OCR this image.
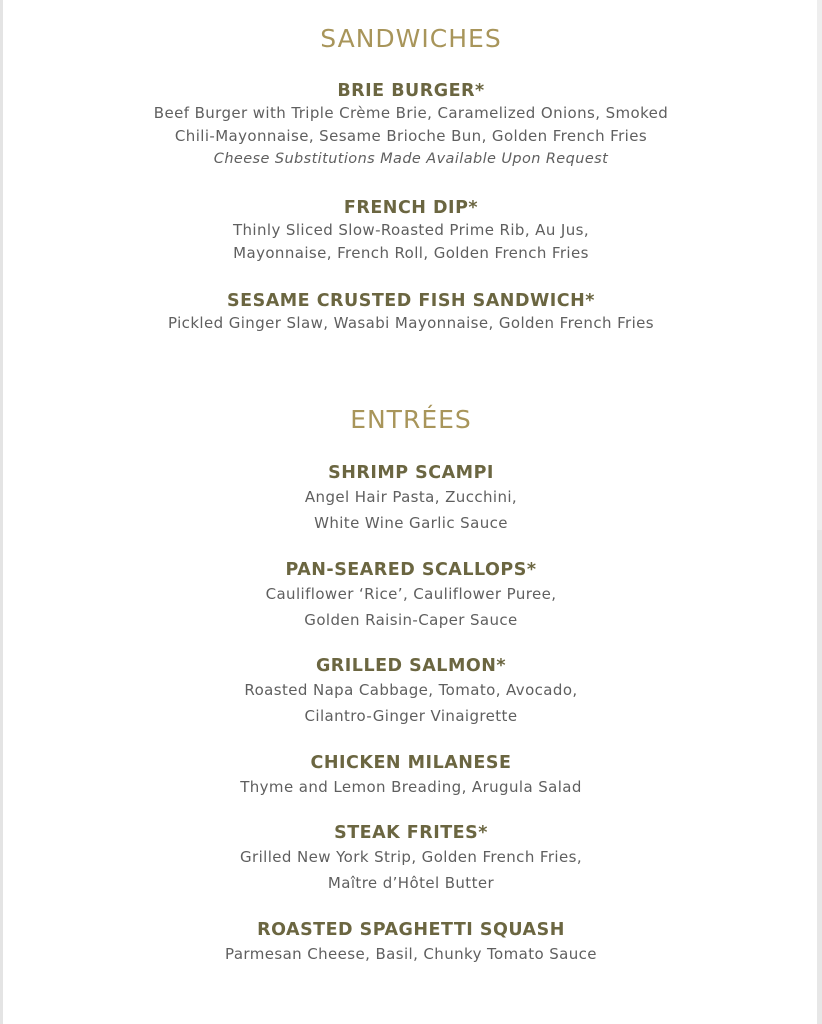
SANDWICHES

BRIE BURGER*

Beef Burger with Triple Crème Brie, Caramelized Onions, Smoked

Chili-Mayonnaise, Sesame Brioche Bun, Golden French Fries

Cheese Substitutions Made Available Upon Request

FRENCH DIP*

Thinly Sliced Slow-Roasted Prime Rib, Au Jus,

Mayonnaise, French Roll, Golden French Fries

SESAME CRUSTED FISH SANDWICH*

Pickled Ginger Slaw, Wasabi Mayonnaise, Golden French Fries

ENTRÉES

SHRIMP SCAMPI

Angel Hair Pasta, Zucchini,

White Wine Garlic Sauce

PAN-SEARED SCALLOPS*

Cauliflower ‘Rice’, Cauliflower Puree,

Golden Raisin-Caper Sauce

GRILLED SALMON*

Roasted Napa Cabbage, Tomato, Avocado,

Cilantro-Ginger Vinaigrette

CHICKEN MILANESE

Thyme and Lemon Breading, Arugula Salad

STEAK FRITES*

Grilled New York Strip, Golden French Fries,

Maître d’Hôtel Butter

ROASTED SPAGHETTI SQUASH

Parmesan Cheese, Basil, Chunky Tomato Sauce
